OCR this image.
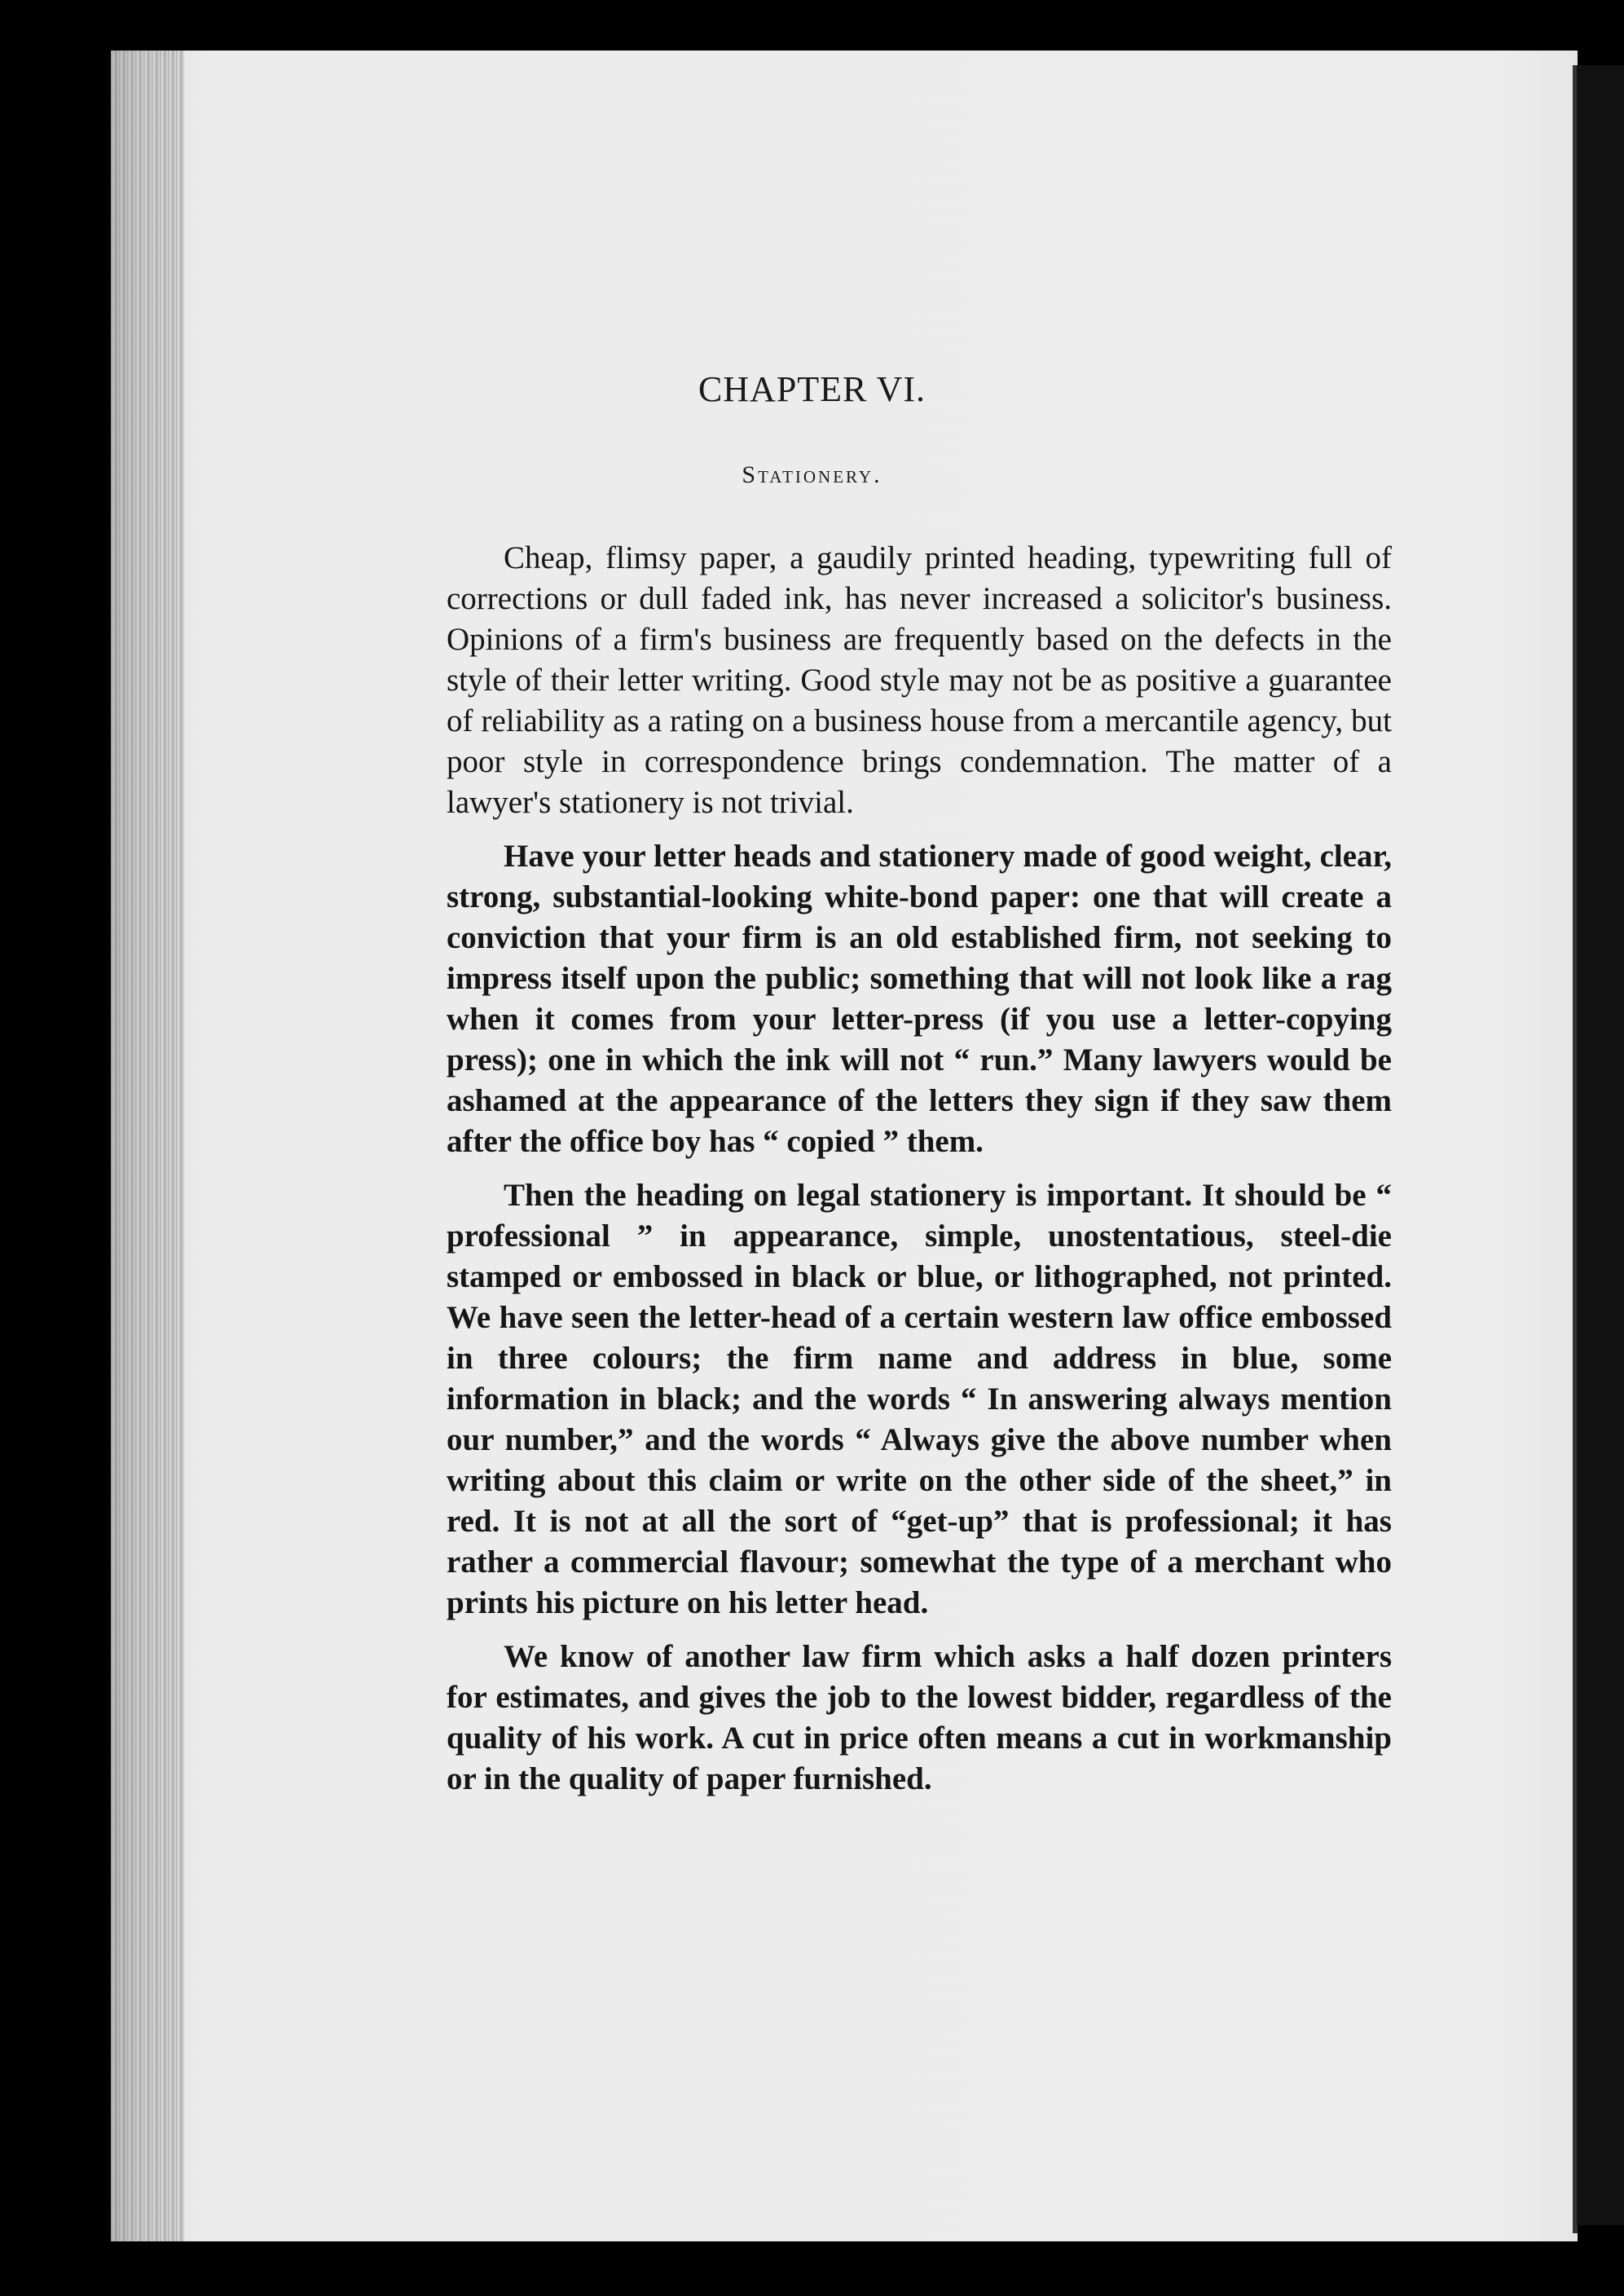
CHAPTER VI.
Stationery.

Cheap, flimsy paper, a gaudily printed heading, typewriting full of corrections or dull faded ink, has never increased a solicitor's business. Opinions of a firm's business are frequently based on the defects in the style of their letter writing. Good style may not be as positive a guarantee of reliability as a rating on a business house from a mercantile agency, but poor style in correspondence brings condemnation. The matter of a lawyer's stationery is not trivial.

Have your letter heads and stationery made of good weight, clear, strong, substantial-looking white-bond paper: one that will create a conviction that your firm is an old established firm, not seeking to impress itself upon the public; something that will not look like a rag when it comes from your letter-press (if you use a letter-copying press); one in which the ink will not “ run.” Many lawyers would be ashamed at the appearance of the letters they sign if they saw them after the office boy has “ copied ” them.

Then the heading on legal stationery is important. It should be “ professional ” in appearance, simple, unostentatious, steel-die stamped or embossed in black or blue, or lithographed, not printed. We have seen the letter-head of a certain western law office embossed in three colours; the firm name and address in blue, some information in black; and the words “ In answering always mention our number,” and the words “ Always give the above number when writing about this claim or write on the other side of the sheet,” in red. It is not at all the sort of “get-up” that is professional; it has rather a commercial flavour; somewhat the type of a merchant who prints his picture on his letter head.

We know of another law firm which asks a half dozen printers for estimates, and gives the job to the lowest bidder, regardless of the quality of his work. A cut in price often means a cut in workmanship or in the quality of paper furnished.
